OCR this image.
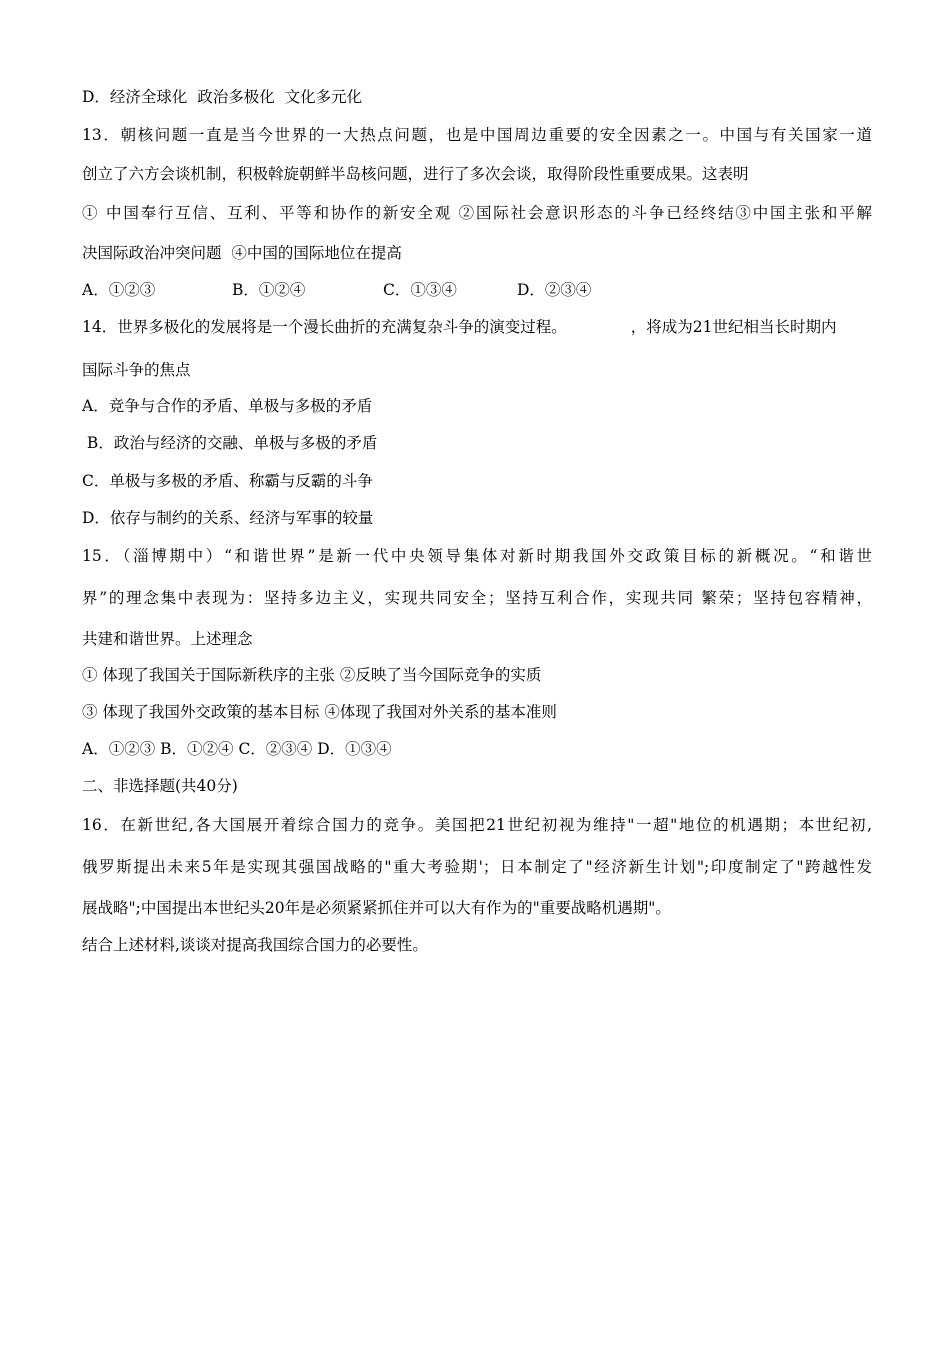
D．经济全球化  政治多极化  文化多元化
13．朝核问题一直是当今世界的一大热点问题，也是中国周边重要的安全因素之一。中国与有关国家一道
创立了六方会谈机制，积极斡旋朝鲜半岛核问题，进行了多次会谈，取得阶段性重要成果。这表明
① 中国奉行互信、互利、平等和协作的新安全观 ②国际社会意识形态的斗争已经终结③中国主张和平解
决国际政治冲突问题  ④中国的国际地位在提高
A．①②③	B．①②④	C．①③④	D．②③④
14．世界多极化的发展将是一个漫长曲折的充满复杂斗争的演变过程。             ，将成为21世纪相当长时期内
国际斗争的焦点
A．竞争与合作的矛盾、单极与多极的矛盾
B．政治与经济的交融、单极与多极的矛盾
C．单极与多极的矛盾、称霸与反霸的斗争
D．依存与制约的关系、经济与军事的较量
15．（淄博期中）“和谐世界”是新一代中央领导集体对新时期我国外交政策目标的新概况。“和谐世
界”的理念集中表现为：坚持多边主义，实现共同安全；坚持互利合作，实现共同 繁荣；坚持包容精神，
共建和谐世界。上述理念
① 体现了我国关于国际新秩序的主张 ②反映了当今国际竞争的实质
③ 体现了我国外交政策的基本目标 ④体现了我国对外关系的基本准则
A．①②③ B．①②④ C．②③④ D．①③④
二、非选择题(共40分)
16．在新世纪,各大国展开着综合国力的竞争。美国把21世纪初视为维持"一超"地位的机遇期；本世纪初,
俄罗斯提出未来5年是实现其强国战略的"重大考验期'；日本制定了"经济新生计划";印度制定了"跨越性发
展战略";中国提出本世纪头20年是必须紧紧抓住并可以大有作为的"重要战略机遇期"。
结合上述材料,谈谈对提高我国综合国力的必要性。
